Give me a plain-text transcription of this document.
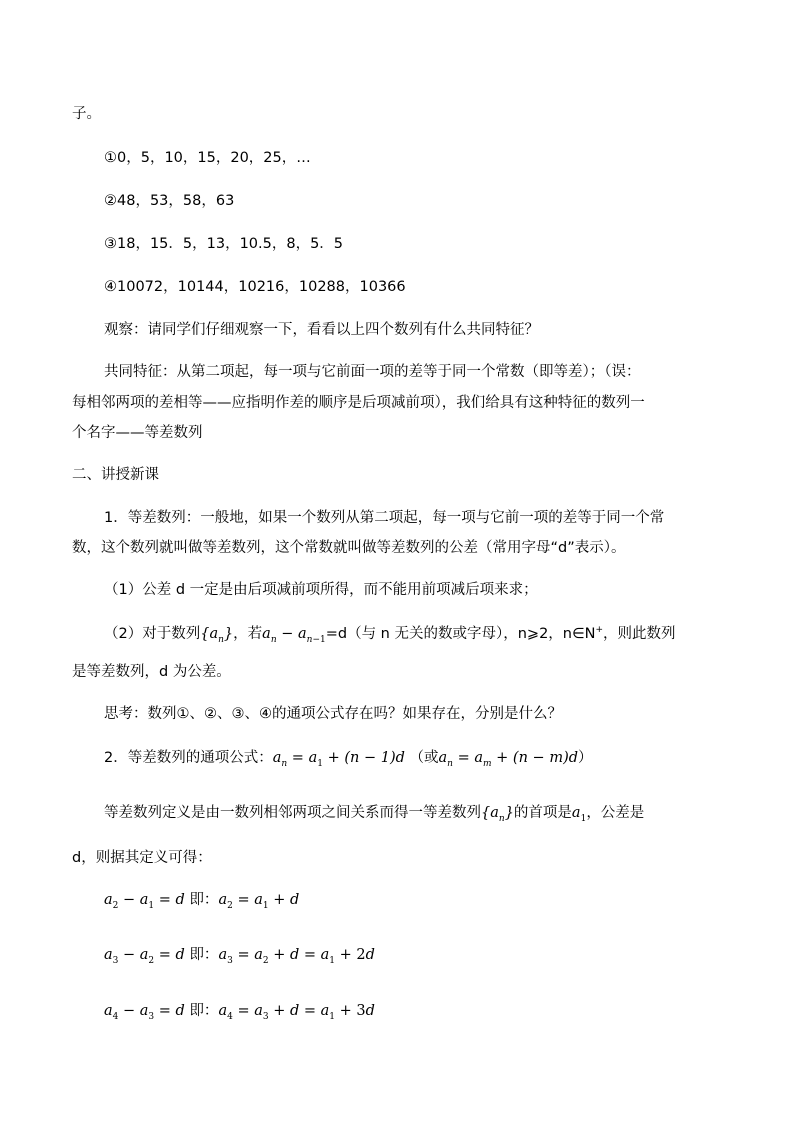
子。
①0，5，10，15，20，25，…
②48，53，58，63
③18，15．5，13，10.5，8，5．5
④10072，10144，10216，10288，10366
观察：请同学们仔细观察一下，看看以上四个数列有什么共同特征？
共同特征：从第二项起，每一项与它前面一项的差等于同一个常数（即等差）；（误：
每相邻两项的差相等——应指明作差的顺序是后项减前项），我们给具有这种特征的数列一
个名字——等差数列
二、讲授新课
1．等差数列：一般地，如果一个数列从第二项起，每一项与它前一项的差等于同一个常
数，这个数列就叫做等差数列，这个常数就叫做等差数列的公差（常用字母“d”表示）。
（1）公差 d 一定是由后项减前项所得，而不能用前项减后项来求；
（2）对于数列$\{a_n\}$，若$a_n - a_{n-1}=d$（与 n 无关的数或字母），n⩾2，n∈N+，则此数列
是等差数列，d 为公差。
思考：数列①、②、③、④的通项公式存在吗？如果存在，分别是什么？
2．等差数列的通项公式：$a_n = a_1 + (n - 1)d$ （或$a_n = a_m + (n - m)d$）
等差数列定义是由一数列相邻两项之间关系而得一等差数列$\{a_n\}$的首项是$a_1$，公差是
d，则据其定义可得：
$a_2 - a_1 = d$ 即：$a_2 = a_1 + d$
$a_3 - a_2 = d$ 即：$a_3 = a_2 + d = a_1 + 2d$
$a_4 - a_3 = d$ 即：$a_4 = a_3 + d = a_1 + 3d$
